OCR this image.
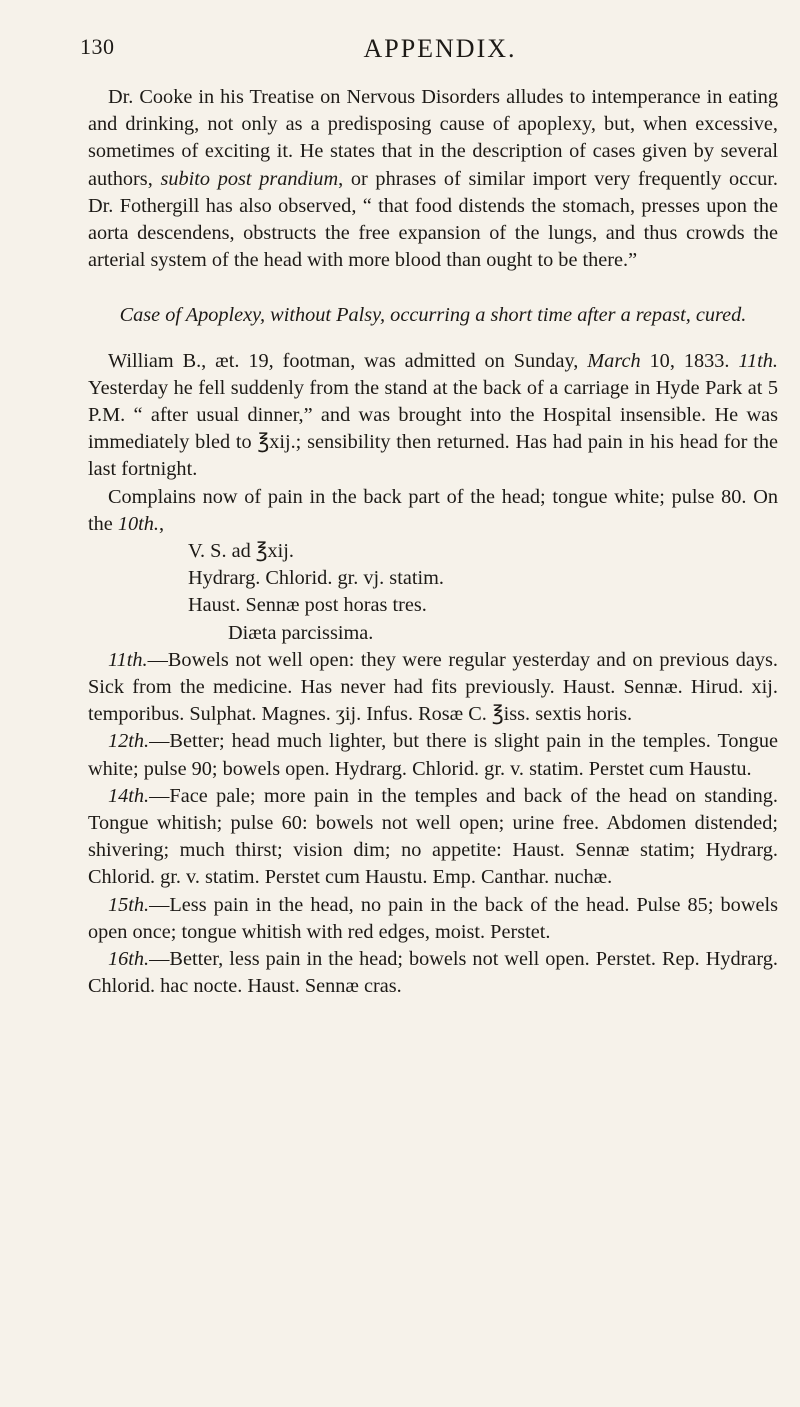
130	APPENDIX.

Dr. Cooke in his Treatise on Nervous Disorders alludes to intemperance in eating and drinking, not only as a predisposing cause of apoplexy, but, when excessive, sometimes of exciting it. He states that in the description of cases given by several authors, subito post prandium, or phrases of similar import very frequently occur. Dr. Fothergill has also observed, “ that food distends the stomach, presses upon the aorta descendens, obstructs the free expansion of the lungs, and thus crowds the arterial system of the head with more blood than ought to be there.”

Case of Apoplexy, without Palsy, occurring a short time after a repast, cured.

William B., æt. 19, footman, was admitted on Sunday, March 10, 1833. 11th. Yesterday he fell suddenly from the stand at the back of a carriage in Hyde Park at 5 P.M. “ after usual dinner,” and was brought into the Hospital insensible. He was immediately bled to ℥xij.; sensibility then returned. Has had pain in his head for the last fortnight.

Complains now of pain in the back part of the head; tongue white; pulse 80. On the 10th.,

V. S. ad ℥xij.

Hydrarg. Chlorid. gr. vj. statim.

Haust. Sennæ post horas tres.

Diæta parcissima.

11th.—Bowels not well open: they were regular yesterday and on previous days. Sick from the medicine. Has never had fits previously. Haust. Sennæ. Hirud. xij. temporibus. Sulphat. Magnes. ʒij. Infus. Rosæ C. ℥iss. sextis horis.

12th.—Better; head much lighter, but there is slight pain in the temples. Tongue white; pulse 90; bowels open. Hydrarg. Chlorid. gr. v. statim. Perstet cum Haustu.

14th.—Face pale; more pain in the temples and back of the head on standing. Tongue whitish; pulse 60: bowels not well open; urine free. Abdomen distended; shivering; much thirst; vision dim; no appetite: Haust. Sennæ statim; Hydrarg. Chlorid. gr. v. statim. Perstet cum Haustu. Emp. Canthar. nuchæ.

15th.—Less pain in the head, no pain in the back of the head. Pulse 85; bowels open once; tongue whitish with red edges, moist. Perstet.

16th.—Better, less pain in the head; bowels not well open. Perstet. Rep. Hydrarg. Chlorid. hac nocte. Haust. Sennæ cras.
